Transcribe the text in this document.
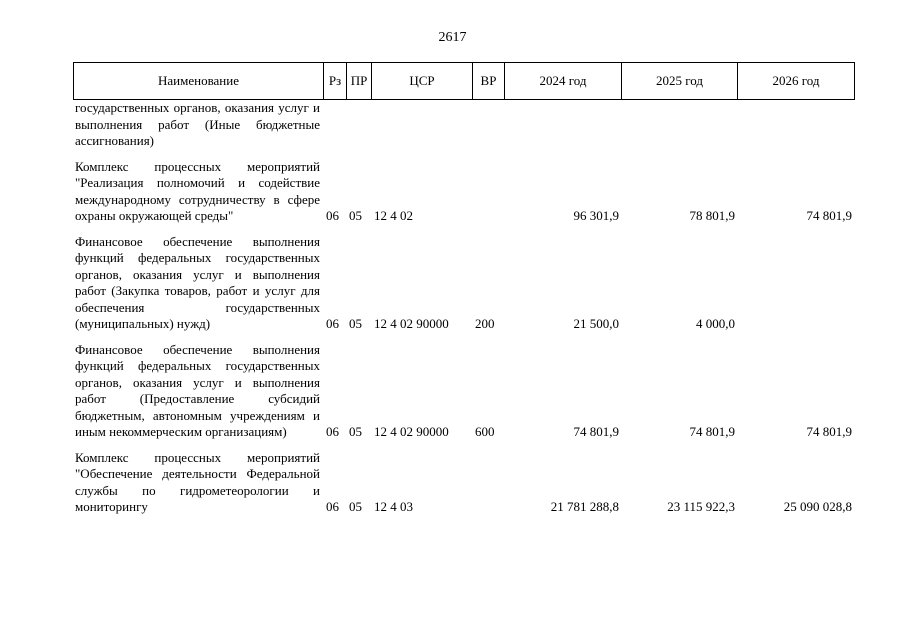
2617
Наименование	Рз	ПР	ЦСР	ВР	2024 год	2025 год	2026 год
государственных органов, оказания услуг и выполнения работ (Иные бюджетные ассигнования)							
Комплекс процессных мероприятий "Реализация полномочий и содействие международному сотрудничеству в сфере охраны окружающей среды"	06	05	12 4 02		96 301,9	78 801,9	74 801,9
Финансовое обеспечение выполнения функций федеральных государственных органов, оказания услуг и выполнения работ (Закупка товаров, работ и услуг для обеспечения государственных (муниципальных) нужд)	06	05	12 4 02 90000	200	21 500,0	4 000,0	
Финансовое обеспечение выполнения функций федеральных государственных органов, оказания услуг и выполнения работ (Предоставление субсидий бюджетным, автономным учреждениям и иным некоммерческим организациям)	06	05	12 4 02 90000	600	74 801,9	74 801,9	74 801,9
Комплекс процессных мероприятий "Обеспечение деятельности Федеральной службы по гидрометеорологии и мониторингу	06	05	12 4 03		21 781 288,8	23 115 922,3	25 090 028,8
